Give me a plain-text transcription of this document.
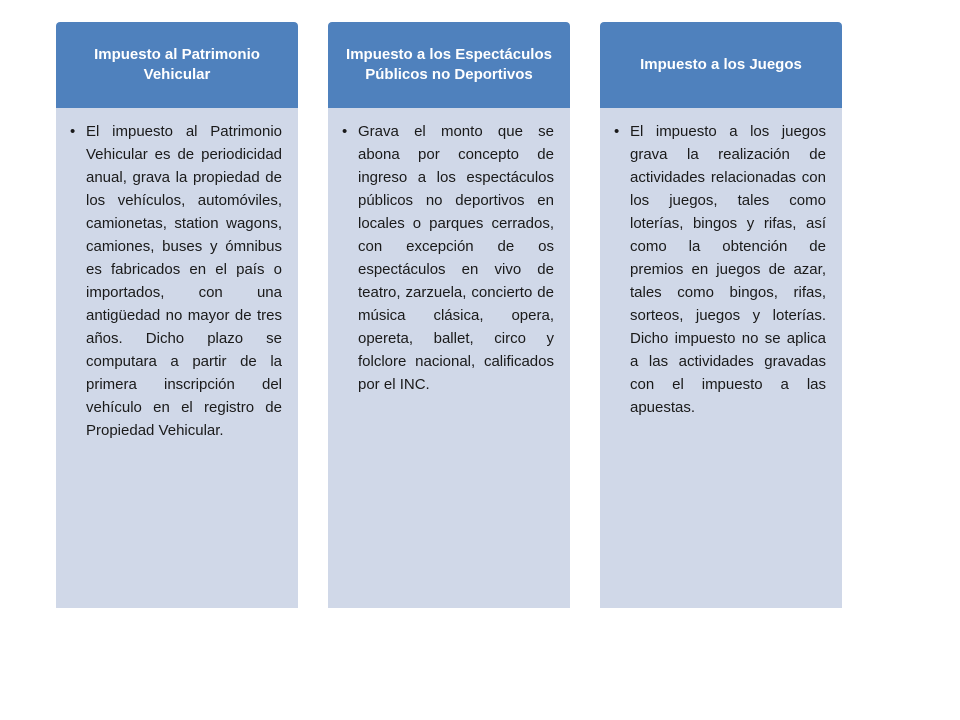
Impuesto al Patrimonio Vehicular
• El impuesto al Patrimonio Vehicular es de periodicidad anual, grava la propiedad de los vehículos, automóviles, camionetas, station wagons, camiones, buses y ómnibus es fabricados en el país o importados, con una antigüedad no mayor de tres años. Dicho plazo se computara a partir de la primera inscripción del vehículo en el registro de Propiedad Vehicular.
Impuesto a los Espectáculos Públicos no Deportivos
• Grava el monto que se abona por concepto de ingreso a los espectáculos públicos no deportivos en locales o parques cerrados, con excepción de os espectáculos en vivo de teatro, zarzuela, concierto de música clásica, opera, opereta, ballet, circo y folclore nacional, calificados por el INC.
Impuesto a los Juegos
• El impuesto a los juegos grava la realización de actividades relacionadas con los juegos, tales como loterías, bingos y rifas, así como la obtención de premios en juegos de azar, tales como bingos, rifas, sorteos, juegos y loterías. Dicho impuesto no se aplica a las actividades gravadas con el impuesto a las apuestas.
